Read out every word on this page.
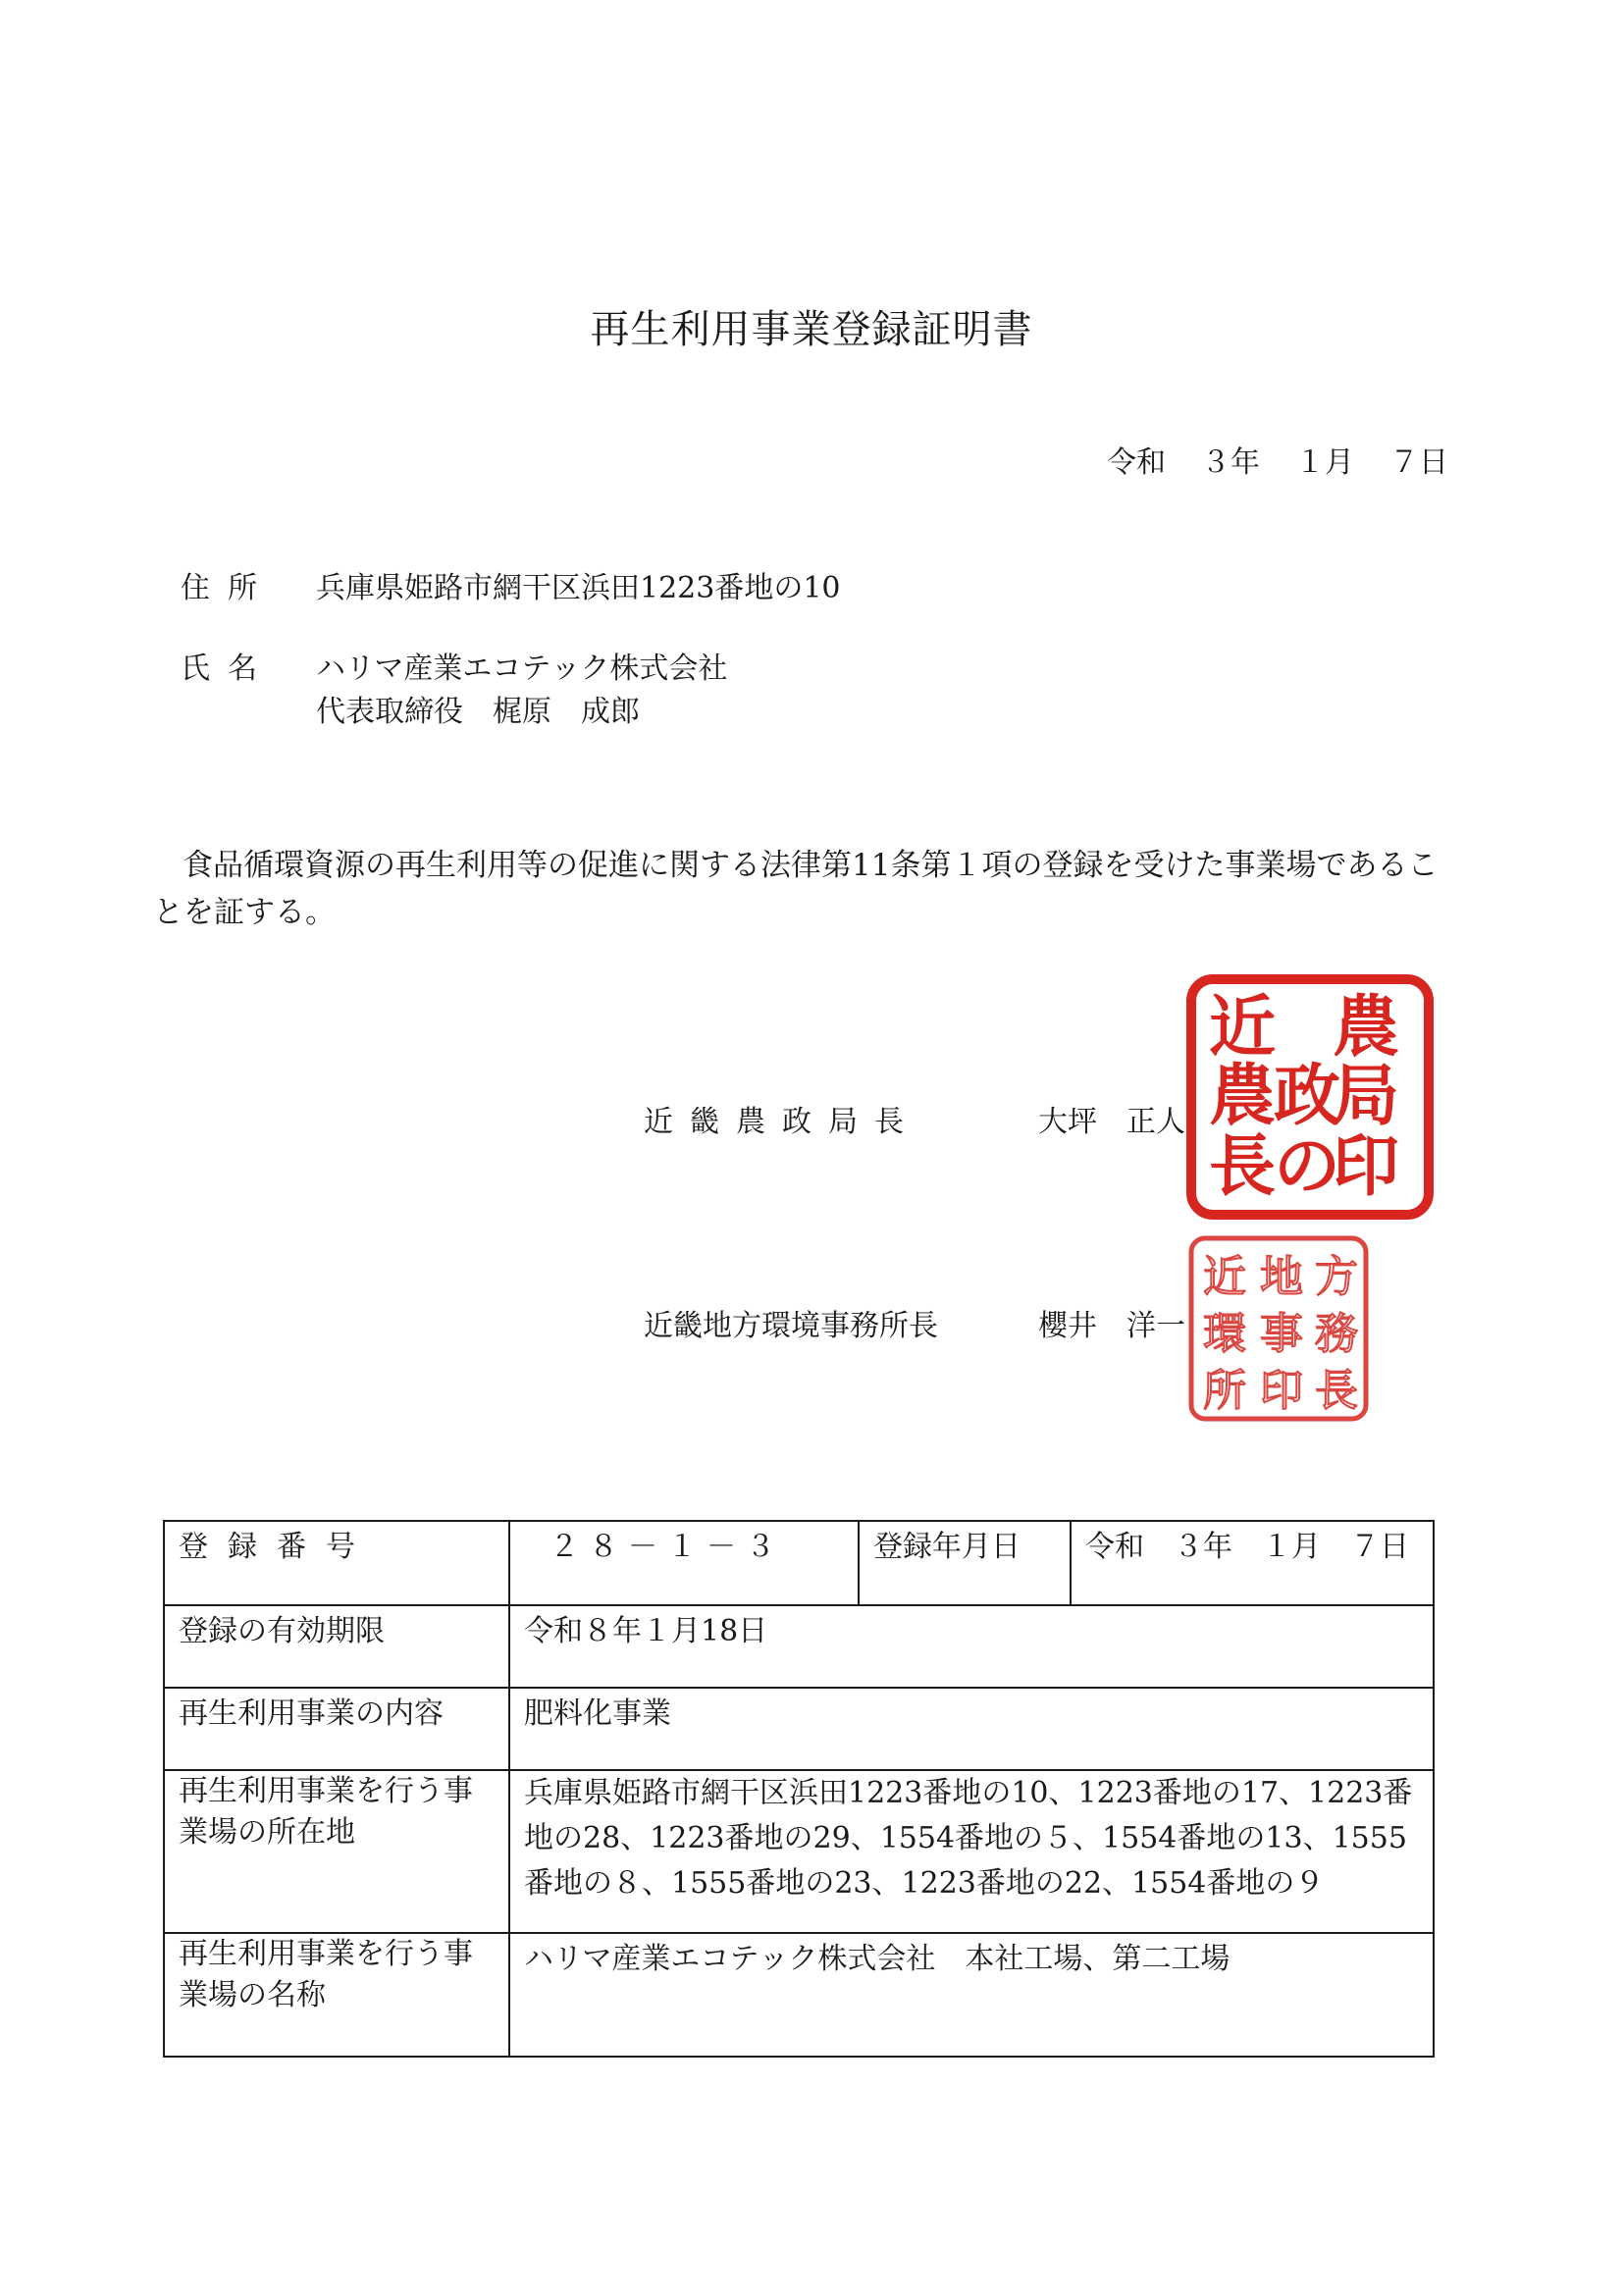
再生利用事業登録証明書
令和 ３年 １月 ７日
住所 兵庫県姫路市網干区浜田1223番地の10
氏名 ハリマ産業エコテック株式会社
代表取締役　梶原　成郎
食品循環資源の再生利用等の促進に関する法律第11条第１項の登録を受けた事業場であることを証する。
近畿農政局長	大坪　正人
農
局
印
近
農
長
政
の
近畿地方環境事務所長	櫻井　洋一
方
務
長
地
事
印
近
環
所
登録番号	２８－１－３	登録年月日	令和　３年　１月　７日
登録の有効期限	令和８年１月18日		
再生利用事業の内容	肥料化事業		

再生利用事業を行う事業場の所在地	兵庫県姫路市網干区浜田1223番地の10、1223番地の17、1223番地の28、1223番地の29、1554番地の５、1554番地の13、1555番地の８、1555番地の23、1223番地の22、1554番地の９		

再生利用事業を行う事業場の名称	ハリマ産業エコテック株式会社　本社工場、第二工場		
